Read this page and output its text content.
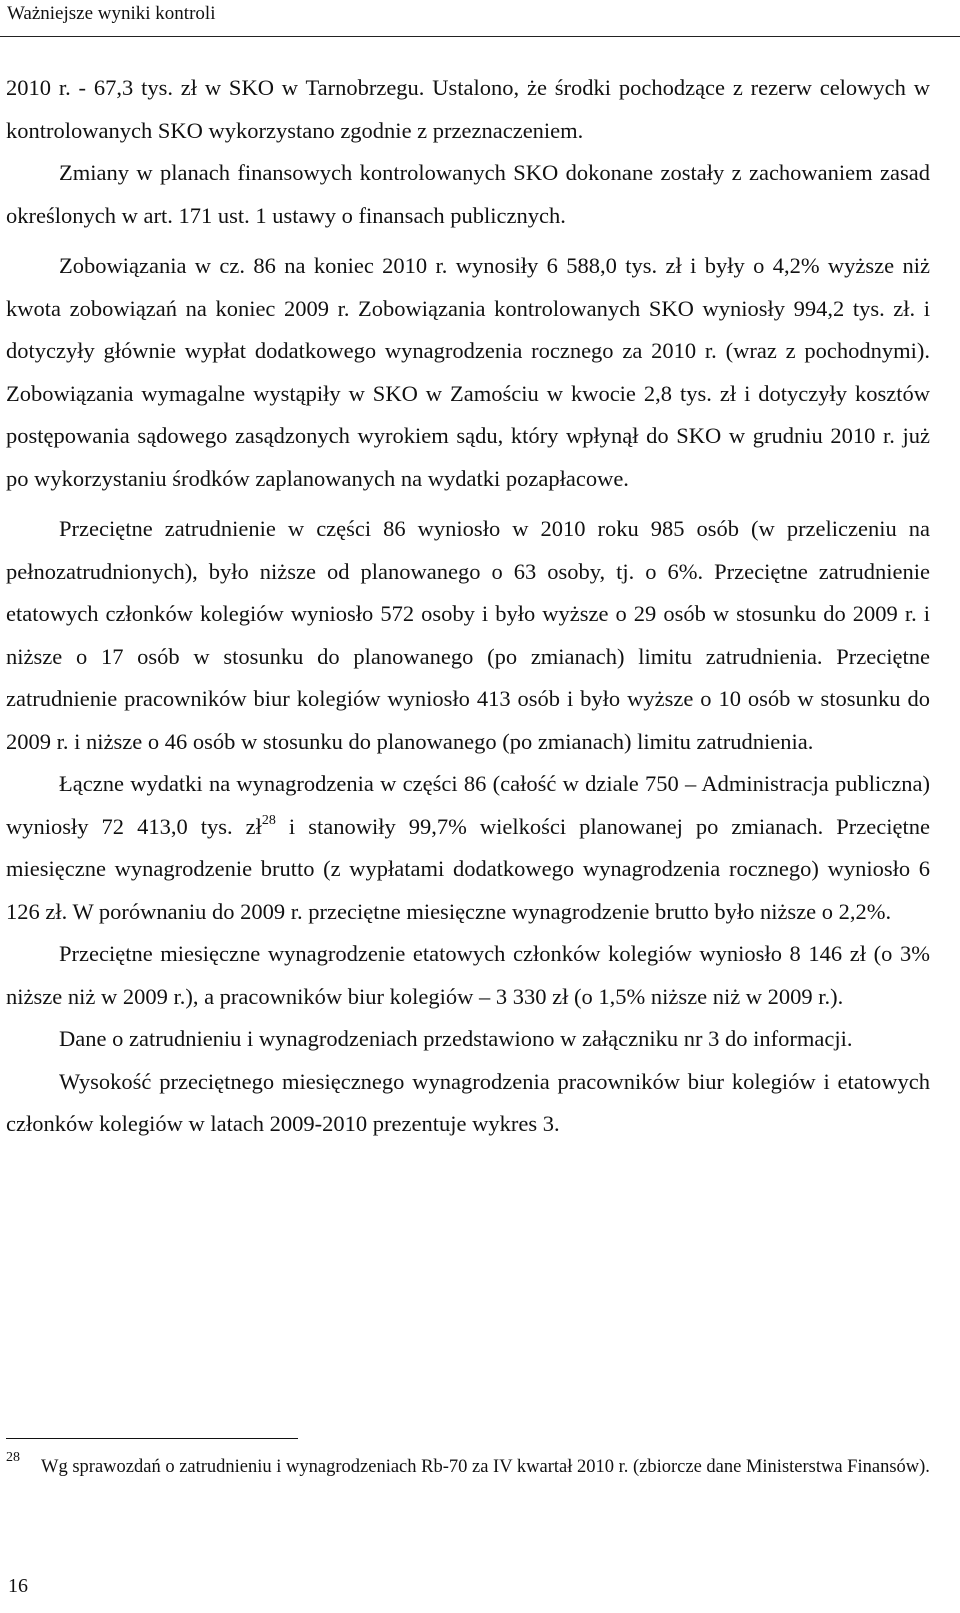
Ważniejsze wyniki kontroli

2010 r. - 67,3 tys. zł w SKO w Tarnobrzegu. Ustalono, że środki pochodzące z rezerw celowych w kontrolowanych SKO wykorzystano zgodnie z przeznaczeniem.

Zmiany w planach finansowych kontrolowanych SKO dokonane zostały z zachowaniem zasad określonych w art. 171 ust. 1 ustawy o finansach publicznych.

Zobowiązania w cz. 86 na koniec 2010 r. wynosiły 6 588,0 tys. zł i były o 4,2% wyższe niż kwota zobowiązań na koniec 2009 r. Zobowiązania kontrolowanych SKO wyniosły 994,2 tys. zł. i dotyczyły głównie wypłat dodatkowego wynagrodzenia rocznego za 2010 r. (wraz z pochodnymi). Zobowiązania wymagalne wystąpiły w SKO w Zamościu w kwocie 2,8 tys. zł i dotyczyły kosztów postępowania sądowego zasądzonych wyrokiem sądu, który wpłynął do SKO w grudniu 2010 r. już po wykorzystaniu środków zaplanowanych na wydatki pozapłacowe.

Przeciętne zatrudnienie w części 86 wyniosło w 2010 roku 985 osób (w przeliczeniu na pełnozatrudnionych), było niższe od planowanego o 63 osoby, tj. o 6%. Przeciętne zatrudnienie etatowych członków kolegiów wyniosło 572 osoby i było wyższe o 29 osób w stosunku do 2009 r. i niższe o 17 osób w stosunku do planowanego (po zmianach) limitu zatrudnienia. Przeciętne zatrudnienie pracowników biur kolegiów wyniosło 413 osób i było wyższe o 10 osób w stosunku do 2009 r. i niższe o 46 osób w stosunku do planowanego (po zmianach) limitu zatrudnienia.

Łączne wydatki na wynagrodzenia w części 86 (całość w dziale 750 – Administracja publiczna) wyniosły 72 413,0 tys. $zł^{28}$ i stanowiły 99,7% wielkości planowanej po zmianach. Przeciętne miesięczne wynagrodzenie brutto (z wypłatami dodatkowego wynagrodzenia rocznego) wyniosło 6 126 zł. W porównaniu do 2009 r. przeciętne miesięczne wynagrodzenie brutto było niższe o 2,2%.

Przeciętne miesięczne wynagrodzenie etatowych członków kolegiów wyniosło 8 146 zł (o 3% niższe niż w 2009 r.), a pracowników biur kolegiów – 3 330 zł (o 1,5% niższe niż w 2009 r.).

Dane o zatrudnieniu i wynagrodzeniach przedstawiono w załączniku nr 3 do informacji.

Wysokość przeciętnego miesięcznego wynagrodzenia pracowników biur kolegiów i etatowych członków kolegiów w latach 2009-2010 prezentuje wykres 3.

28 Wg sprawozdań o zatrudnieniu i wynagrodzeniach Rb-70 za IV kwartał 2010 r. (zbiorcze dane Ministerstwa Finansów).
16
